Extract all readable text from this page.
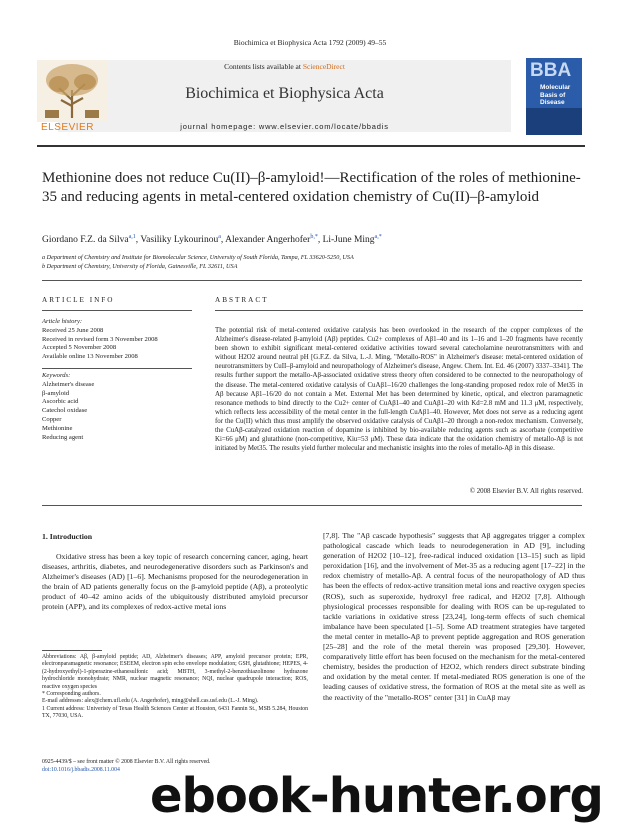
Biochimica et Biophysica Acta 1792 (2009) 49–55
Contents lists available at ScienceDirect
Biochimica et Biophysica Acta
journal homepage: www.elsevier.com/locate/bbadis
ELSEVIER
BBA
Molecular Basis of Disease
Methionine does not reduce Cu(II)–β-amyloid!—Rectification of the roles of methionine-35 and reducing agents in metal-centered oxidation chemistry of Cu(II)–β-amyloid
Giordano F.Z. da Silva$^{a,1}$, Vasiliky Lykourinou$^a$, Alexander Angerhofer$^{b,*}$, Li-June Ming$^{a,*}$
a Department of Chemistry and Institute for Biomolecular Science, University of South Florida, Tampa, FL 33620-5250, USA
b Department of Chemistry, University of Florida, Gainesville, FL 32611, USA
ARTICLE INFO
Article history:
Received 25 June 2008
Received in revised form 3 November 2008
Accepted 5 November 2008
Available online 13 November 2008
Keywords:
Alzheimer's disease
β-amyloid
Ascorbic acid
Catechol oxidase
Copper
Methionine
Reducing agent
ABSTRACT
The potential risk of metal-centered oxidative catalysis has been overlooked in the research of the copper complexes of the Alzheimer's disease-related β-amyloid (Aβ) peptides. Cu2+ complexes of Aβ1–40 and its 1–16 and 1–20 fragments have recently been shown to exhibit significant metal-centered oxidative activities toward several catecholamine neurotransmitters with and without H2O2 around neutral pH [G.F.Z. da Silva, L.-J. Ming, "Metallo-ROS" in Alzheimer's disease: metal-centered oxidation of neurotransmitters by CuII–β-amyloid and neuropathology of Alzheimer's disease, Angew. Chem. Int. Ed. 46 (2007) 3337–3341]. The results further support the metallo-Aβ-associated oxidative stress theory often considered to be connected to the neuropathology of the disease. The metal-centered oxidative catalysis of CuAβ1–16/20 challenges the long-standing proposed redox role of Met35 in Aβ because Aβ1–16/20 do not contain a Met. External Met has been determined by kinetic, optical, and electron paramagnetic resonance methods to bind directly to the Cu2+ center of CuAβ1–40 and CuAβ1–20 with Kd=2.8 mM and 11.3 μM, respectively, which reflects less accessibility of the metal center in the full-length CuAβ1–40. However, Met does not serve as a reducing agent for the Cu(II) which thus must amplify the observed oxidative catalysis of CuAβ1–20 through a non-redox mechanism. Conversely, the CuAβ-catalyzed oxidation reaction of dopamine is inhibited by bio-available reducing agents such as ascorbate (competitive Ki=66 μM) and glutathione (non-competitive, Kiu=53 μM). These data indicate that the oxidation chemistry of metallo-Aβ is not initiated by Met35. The results yield further molecular and mechanistic insights into the roles of metallo-Aβ in this disease.
© 2008 Elsevier B.V. All rights reserved.
1. Introduction

Oxidative stress has been a key topic of research concerning cancer, aging, heart diseases, arthritis, diabetes, and neurodegenerative disorders such as Parkinson's and Alzheimer's diseases (AD) [1–6]. Mechanisms proposed for the neurodegeneration in the brain of AD patients generally focus on the β-amyloid peptide (Aβ), a proteolytic product of 40–42 amino acids of the ubiquitously distributed amyloid precursor protein (APP), and its complexes of redox-active metal ions

[7,8]. The "Aβ cascade hypothesis" suggests that Aβ aggregates trigger a complex pathological cascade which leads to neurodegeneration in AD [9], including generation of H2O2 [10–12], free-radical induced oxidation [13–15] such as lipid peroxidation [16], and the involvement of Met-35 as a reducing agent [17–22] in the redox chemistry of metallo-Aβ. A central focus of the neuropathology of AD thus has been the effects of redox-active transition metal ions and reactive oxygen species (ROS), such as superoxide, hydroxyl free radical, and H2O2 [7,8]. Although physiological processes responsible for dealing with ROS can be up-regulated to tackle variations in oxidative stress [23,24], long-term effects of such chemical imbalance have been speculated [1–5]. Some AD treatment strategies have targeted the metal center in metallo-Aβ to prevent peptide aggregation and ROS generation [25–28] and the role of the metal therein was proposed [29,30]. However, comparatively little effort has been focused on the mechanism for the metal-centered chemistry, besides the production of H2O2, which renders direct substrate binding and oxidation by the metal center. If metal-mediated ROS generation is one of the leading causes of oxidative stress, the formation of ROS at the metal site as well as the reactivity of the "metallo-ROS" center [31] in CuAβ may

Abbreviations: Aβ, β-amyloid peptide; AD, Alzheimer's diseases; APP, amyloid precursor protein; EPR, electronparamagnetic resonance; ESEEM, electron spin echo envelope modulation; GSH, glutathione; HEPES, 4-(2-hydroxyethyl)-1-piperazine-ethanesulfonic acid; MBTH, 3-methyl-2-benzothiazolinone hydrazone hydrochloride monohydrate; NMR, nuclear magnetic resonance; NQI, nuclear quadrupole interaction; ROS, reactive oxygen species
* Corresponding authors.
E-mail addresses: alex@chem.ufl.edu (A. Angerhofer), ming@shell.cas.usf.edu (L.-J. Ming).
1 Current address: Univeristy of Texas Health Sciences Center at Houston, 6431 Fannin St., MSB 5.284, Houston TX, 77030, USA.
0925-4439/$ – see front matter © 2008 Elsevier B.V. All rights reserved.
doi:10.1016/j.bbadis.2008.11.004 ebook-hunter.org
